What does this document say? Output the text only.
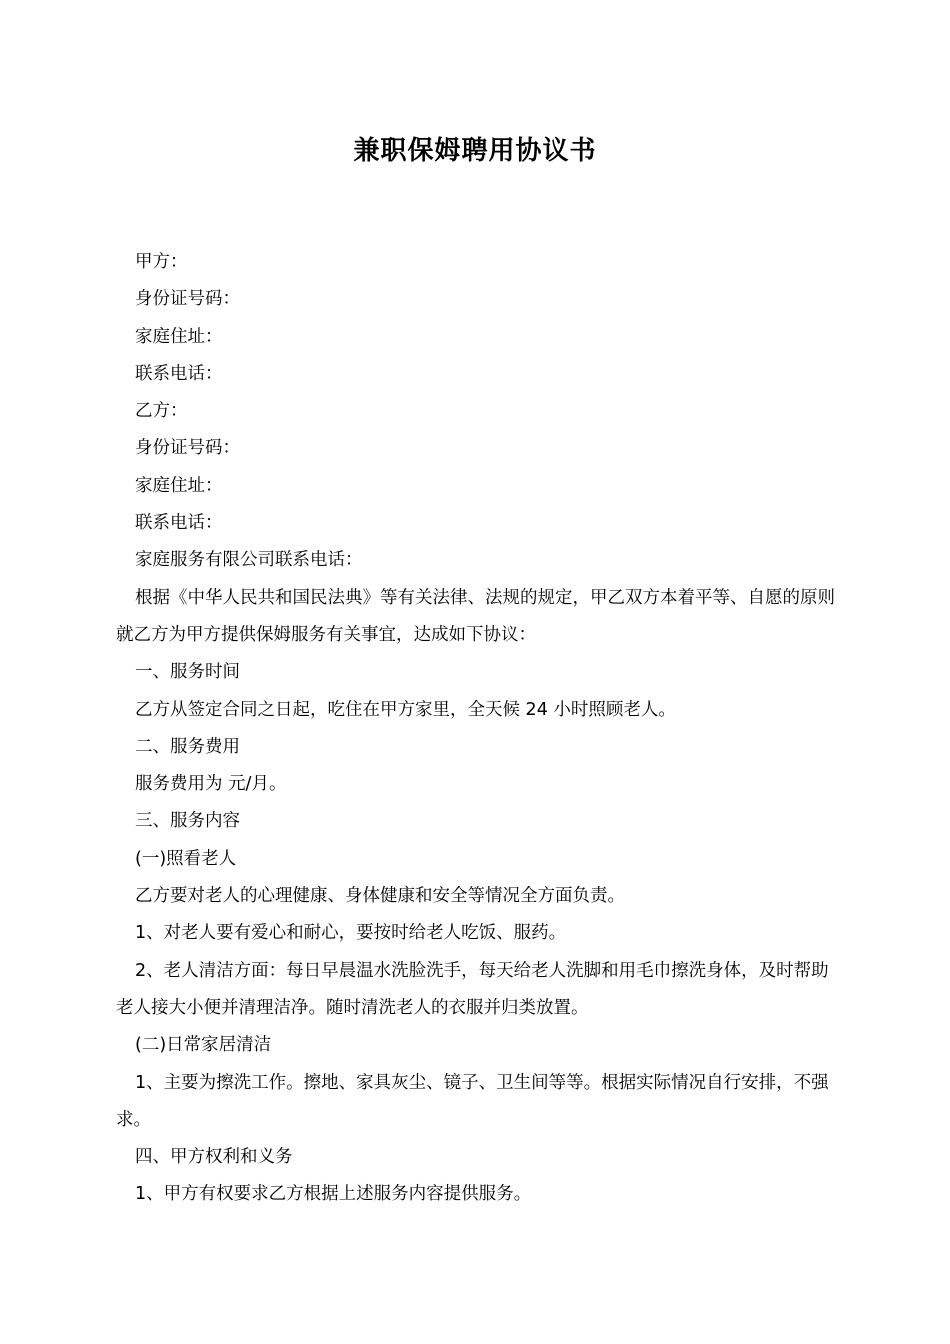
兼职保姆聘用协议书

甲方：

身份证号码：

家庭住址：

联系电话：

乙方：

身份证号码：

家庭住址：

联系电话：

家庭服务有限公司联系电话：

根据《中华人民共和国民法典》等有关法律、法规的规定，甲乙双方本着平等、自愿的原则就乙方为甲方提供保姆服务有关事宜，达成如下协议：

一、服务时间

乙方从签定合同之日起，吃住在甲方家里，全天候 24 小时照顾老人。

二、服务费用

服务费用为 元/月。

三、服务内容

(一)照看老人

乙方要对老人的心理健康、身体健康和安全等情况全方面负责。

1、对老人要有爱心和耐心，要按时给老人吃饭、服药。

2、老人清洁方面：每日早晨温水洗脸洗手，每天给老人洗脚和用毛巾擦洗身体，及时帮助老人接大小便并清理洁净。随时清洗老人的衣服并归类放置。

(二)日常家居清洁

1、主要为擦洗工作。擦地、家具灰尘、镜子、卫生间等等。根据实际情况自行安排，不强求。

四、甲方权利和义务

1、甲方有权要求乙方根据上述服务内容提供服务。
